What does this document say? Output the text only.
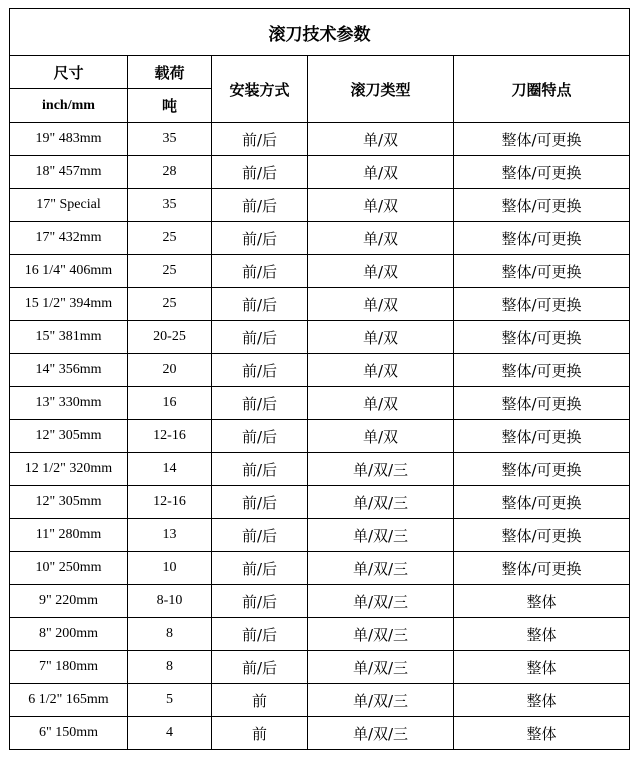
滚刀技术参数				
尺寸	载荷	安装方式	滚刀类型	刀圈特点
inch/mm	吨			
19" 483mm	35	前/后	单/双	整体/可更换
18" 457mm	28	前/后	单/双	整体/可更换
17" Special	35	前/后	单/双	整体/可更换
17" 432mm	25	前/后	单/双	整体/可更换
16 1/4" 406mm	25	前/后	单/双	整体/可更换
15 1/2" 394mm	25	前/后	单/双	整体/可更换
15" 381mm	20-25	前/后	单/双	整体/可更换
14" 356mm	20	前/后	单/双	整体/可更换
13" 330mm	16	前/后	单/双	整体/可更换
12" 305mm	12-16	前/后	单/双	整体/可更换
12 1/2" 320mm	14	前/后	单/双/三	整体/可更换
12" 305mm	12-16	前/后	单/双/三	整体/可更换
11" 280mm	13	前/后	单/双/三	整体/可更换
10" 250mm	10	前/后	单/双/三	整体/可更换
9" 220mm	8-10	前/后	单/双/三	整体
8" 200mm	8	前/后	单/双/三	整体
7" 180mm	8	前/后	单/双/三	整体
6 1/2" 165mm	5	前	单/双/三	整体
6" 150mm	4	前	单/双/三	整体
